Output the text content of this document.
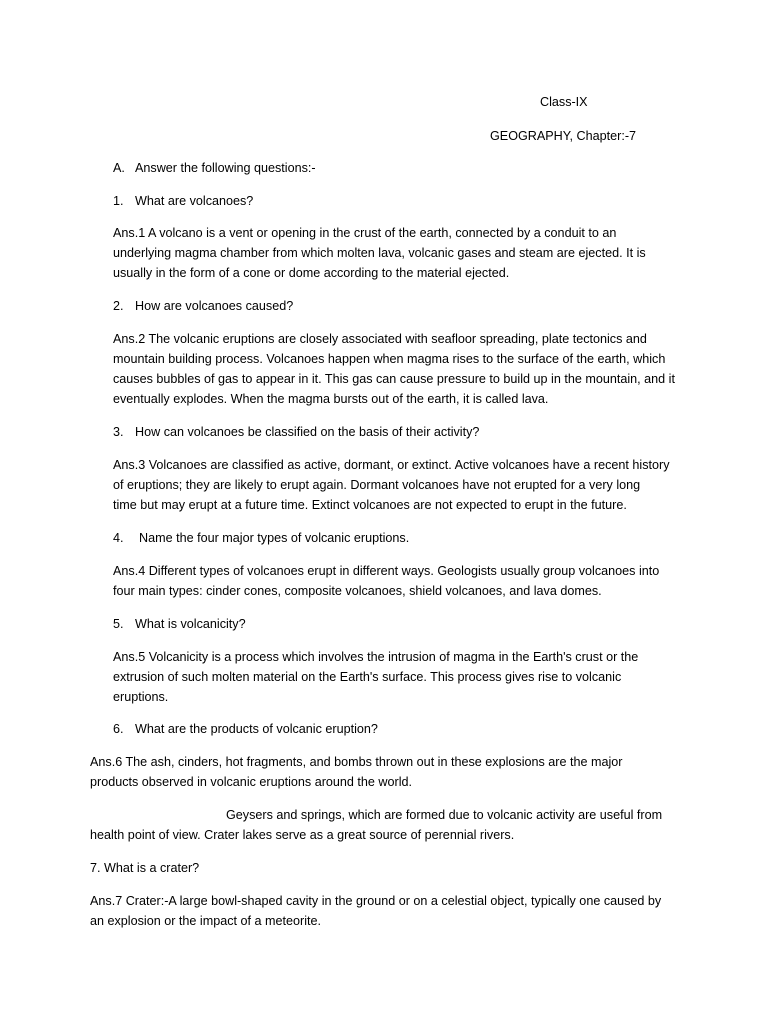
Class-IX

GEOGRAPHY, Chapter:-7

A. Answer the following questions:-

1. What are volcanoes?

Ans.1 A volcano is a vent or opening in the crust of the earth, connected by a conduit to an

underlying magma chamber from which molten lava, volcanic gases and steam are ejected. It is

usually in the form of a cone or dome according to the material ejected.

2. How are volcanoes caused?

Ans.2 The volcanic eruptions are closely associated with seafloor spreading, plate tectonics and

mountain building process. Volcanoes happen when magma rises to the surface of the earth, which

causes bubbles of gas to appear in it. This gas can cause pressure to build up in the mountain, and it

eventually explodes. When the magma bursts out of the earth, it is called lava.

3. How can volcanoes be classified on the basis of their activity?

Ans.3 Volcanoes are classified as active, dormant, or extinct. Active volcanoes have a recent history

of eruptions; they are likely to erupt again. Dormant volcanoes have not erupted for a very long

time but may erupt at a future time. Extinct volcanoes are not expected to erupt in the future.

4. Name the four major types of volcanic eruptions.

Ans.4 Different types of volcanoes erupt in different ways. Geologists usually group volcanoes into

four main types: cinder cones, composite volcanoes, shield volcanoes, and lava domes.

5. What is volcanicity?

Ans.5 Volcanicity is a process which involves the intrusion of magma in the Earth's crust or the

extrusion of such molten material on the Earth's surface. This process gives rise to volcanic

eruptions.

6. What are the products of volcanic eruption?

Ans.6 The ash, cinders, hot fragments, and bombs thrown out in these explosions are the major

products observed in volcanic eruptions around the world.

Geysers and springs, which are formed due to volcanic activity are useful from

health point of view. Crater lakes serve as a great source of perennial rivers.

7. What is a crater?

Ans.7 Crater:-A large bowl-shaped cavity in the ground or on a celestial object, typically one caused by

an explosion or the impact of a meteorite.
